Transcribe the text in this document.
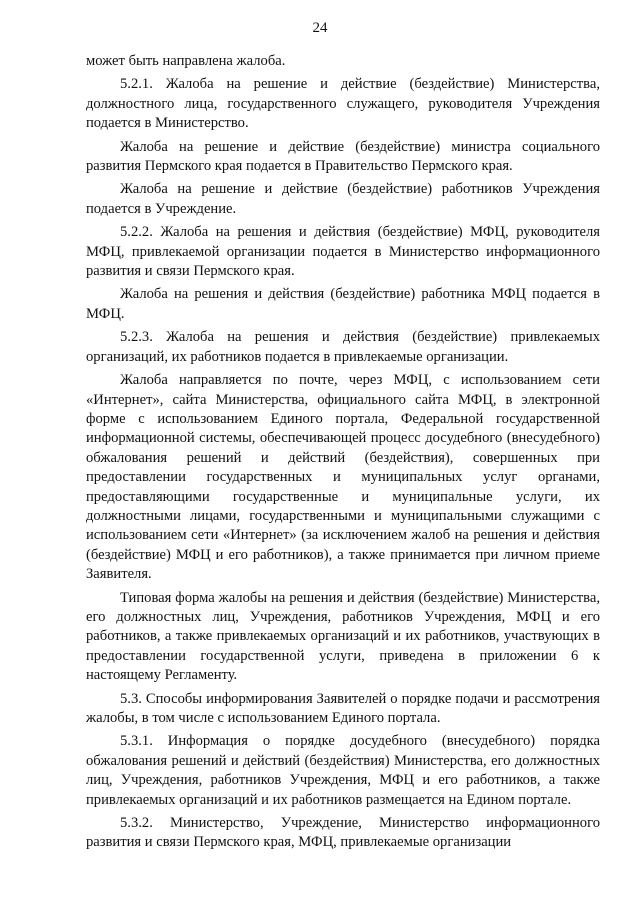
24

может быть направлена жалоба.

5.2.1. Жалоба на решение и действие (бездействие) Министерства, должностного лица, государственного служащего, руководителя Учреждения подается в Министерство.

Жалоба на решение и действие (бездействие) министра социального развития Пермского края подается в Правительство Пермского края.

Жалоба на решение и действие (бездействие) работников Учреждения подается в Учреждение.

5.2.2. Жалоба на решения и действия (бездействие) МФЦ, руководителя МФЦ, привлекаемой организации подается в Министерство информационного развития и связи Пермского края.

Жалоба на решения и действия (бездействие) работника МФЦ подается в МФЦ.

5.2.3. Жалоба на решения и действия (бездействие) привлекаемых организаций, их работников подается в привлекаемые организации.

Жалоба направляется по почте, через МФЦ, с использованием сети «Интернет», сайта Министерства, официального сайта МФЦ, в электронной форме с использованием Единого портала, Федеральной государственной информационной системы, обеспечивающей процесс досудебного (внесудебного) обжалования решений и действий (бездействия), совершенных при предоставлении государственных и муниципальных услуг органами, предоставляющими государственные и муниципальные услуги, их должностными лицами, государственными и муниципальными служащими с использованием сети «Интернет» (за исключением жалоб на решения и действия (бездействие) МФЦ и его работников), а также принимается при личном приеме Заявителя.

Типовая форма жалобы на решения и действия (бездействие) Министерства, его должностных лиц, Учреждения, работников Учреждения, МФЦ и его работников, а также привлекаемых организаций и их работников, участвующих в предоставлении государственной услуги, приведена в приложении 6 к настоящему Регламенту.

5.3. Способы информирования Заявителей о порядке подачи и рассмотрения жалобы, в том числе с использованием Единого портала.

5.3.1. Информация о порядке досудебного (внесудебного) порядка обжалования решений и действий (бездействия) Министерства, его должностных лиц, Учреждения, работников Учреждения, МФЦ и его работников, а также привлекаемых организаций и их работников размещается на Едином портале.

5.3.2. Министерство, Учреждение, Министерство информационного развития и связи Пермского края, МФЦ, привлекаемые организации
